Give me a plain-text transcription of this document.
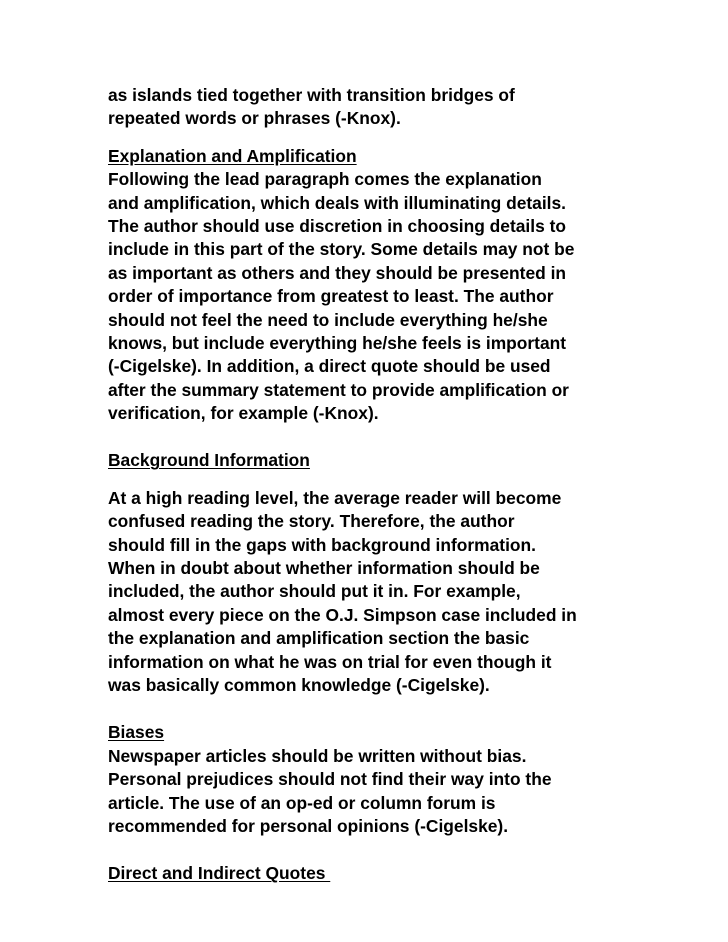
as islands tied together with transition bridges of
repeated words or phrases (-Knox).
Explanation and Amplification
Following the lead paragraph comes the explanation
and amplification, which deals with illuminating details.
The author should use discretion in choosing details to
include in this part of the story. Some details may not be
as important as others and they should be presented in
order of importance from greatest to least. The author
should not feel the need to include everything he/she
knows, but include everything he/she feels is important
(-Cigelske). In addition, a direct quote should be used
after the summary statement to provide amplification or
verification, for example (-Knox).
Background Information
At a high reading level, the average reader will become
confused reading the story. Therefore, the author
should fill in the gaps with background information.
When in doubt about whether information should be
included, the author should put it in. For example,
almost every piece on the O.J. Simpson case included in
the explanation and amplification section the basic
information on what he was on trial for even though it
was basically common knowledge (-Cigelske).
Biases
Newspaper articles should be written without bias.
Personal prejudices should not find their way into the
article. The use of an op-ed or column forum is
recommended for personal opinions (-Cigelske).
Direct and Indirect Quotes
